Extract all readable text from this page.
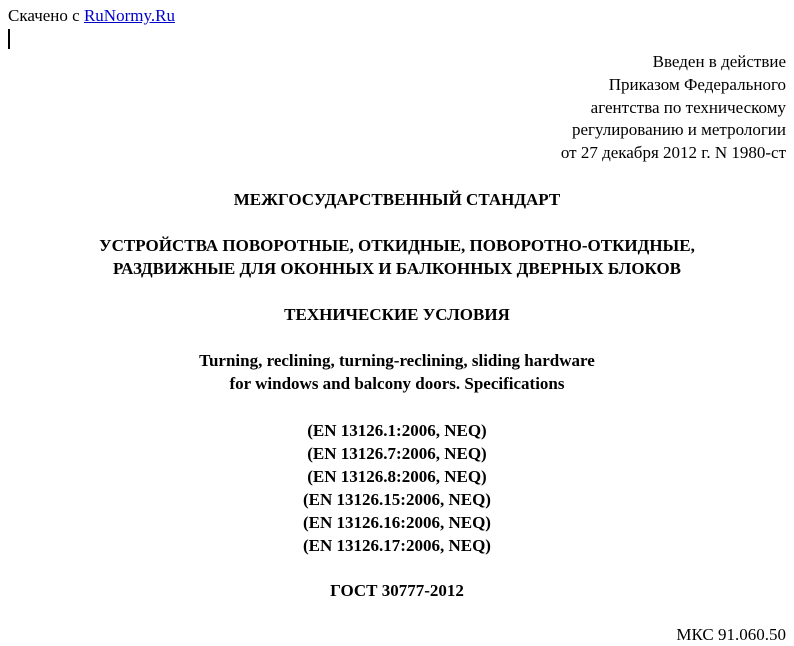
Скачено с RuNormy.Ru
Введен в действие
Приказом Федерального
агентства по техническому
регулированию и метрологии
от 27 декабря 2012 г. N 1980-ст
МЕЖГОСУДАРСТВЕННЫЙ СТАНДАРТ
УСТРОЙСТВА ПОВОРОТНЫЕ, ОТКИДНЫЕ, ПОВОРОТНО-ОТКИДНЫЕ,
РАЗДВИЖНЫЕ ДЛЯ ОКОННЫХ И БАЛКОННЫХ ДВЕРНЫХ БЛОКОВ
ТЕХНИЧЕСКИЕ УСЛОВИЯ
Turning, reclining, turning-reclining, sliding hardware
for windows and balcony doors. Specifications
(EN 13126.1:2006, NEQ)
(EN 13126.7:2006, NEQ)
(EN 13126.8:2006, NEQ)
(EN 13126.15:2006, NEQ)
(EN 13126.16:2006, NEQ)
(EN 13126.17:2006, NEQ)
ГОСТ 30777-2012
МКС 91.060.50
